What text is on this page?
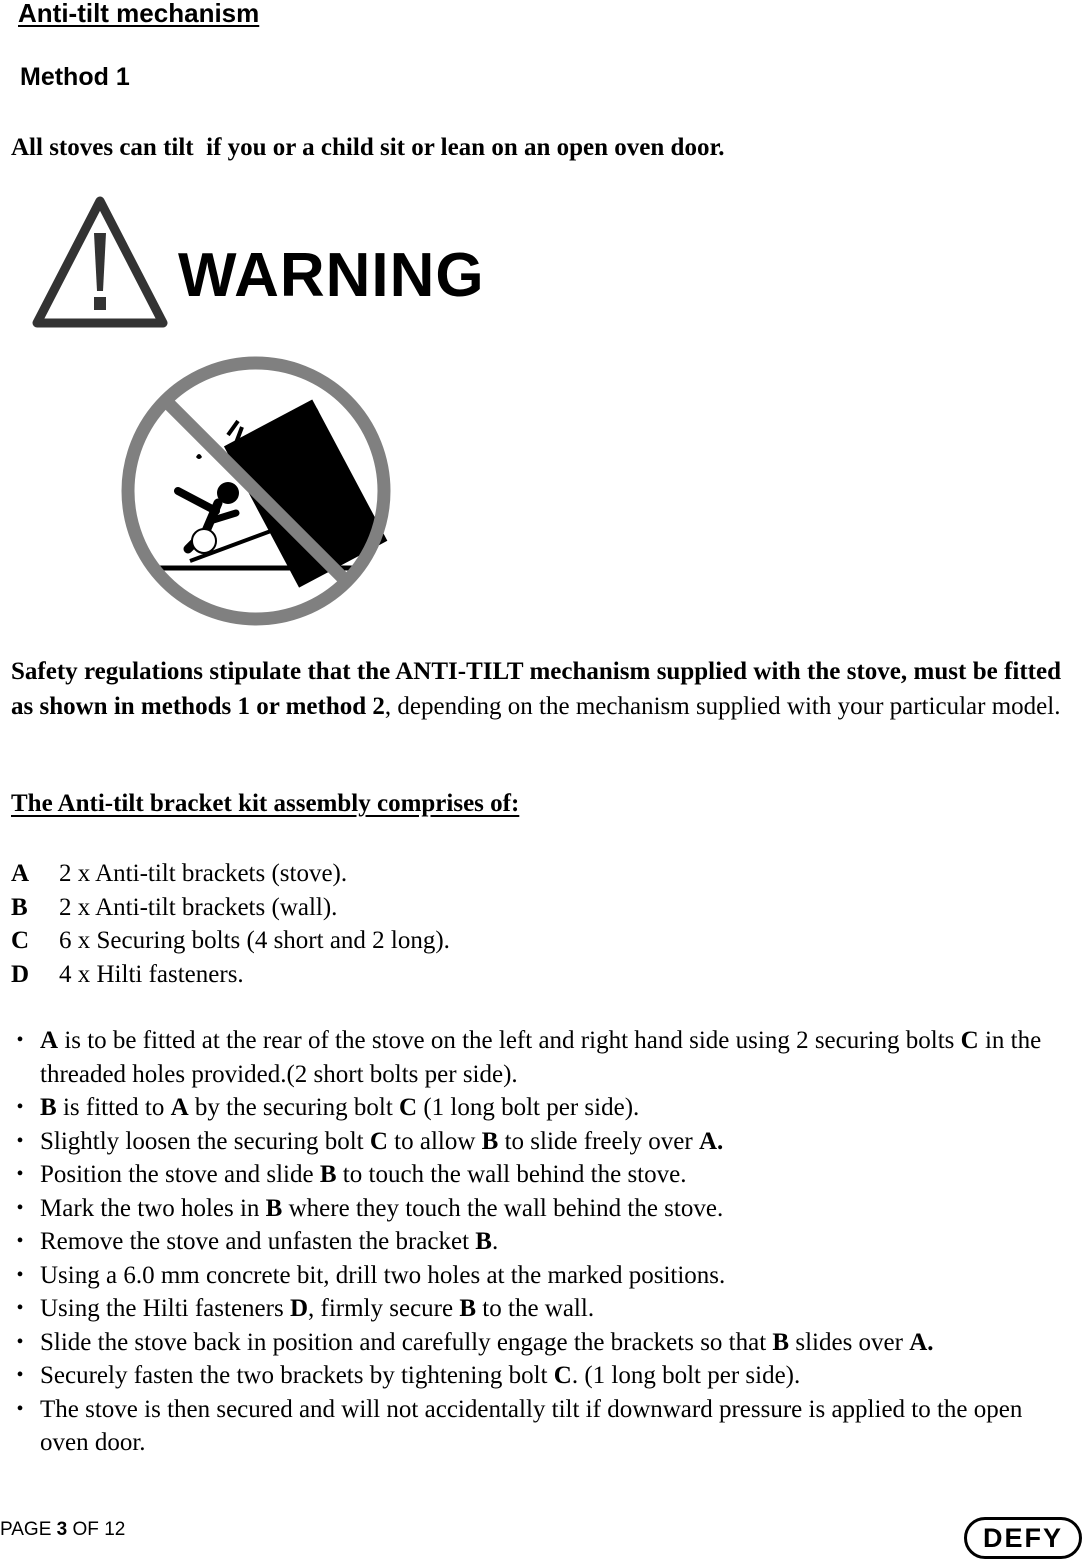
Anti-tilt mechanism
Method 1
All stoves can tilt  if you or a child sit or lean on an open oven door.
WARNING
Safety regulations stipulate that the ANTI-TILT mechanism supplied with the stove, must be fitted as shown in methods 1 or method 2, depending on the mechanism supplied with your particular model.
The Anti-tilt bracket kit assembly comprises of:
A	2 x Anti-tilt brackets (stove).
B	2 x Anti-tilt brackets (wall).
C	6 x Securing bolts (4 short and 2 long).
D	4 x Hilti fasteners.
• A is to be fitted at the rear of the stove on the left and right hand side using 2 securing bolts C in the threaded holes provided.(2 short bolts per side).
• B is fitted to A by the securing bolt C (1 long bolt per side).
• Slightly loosen the securing bolt C to allow B to slide freely over A.
• Position the stove and slide B to touch the wall behind the stove.
• Mark the two holes in B where they touch the wall behind the stove.
• Remove the stove and unfasten the bracket B.
• Using a 6.0 mm concrete bit, drill two holes at the marked positions.
• Using the Hilti fasteners D, firmly secure B to the wall.
• Slide the stove back in position and carefully engage the brackets so that B slides over A.
• Securely fasten the two brackets by tightening bolt C. (1 long bolt per side).
• The stove is then secured and will not accidentally tilt if downward pressure is applied to the open oven door.
PAGE 3 OF 12	DEFY
